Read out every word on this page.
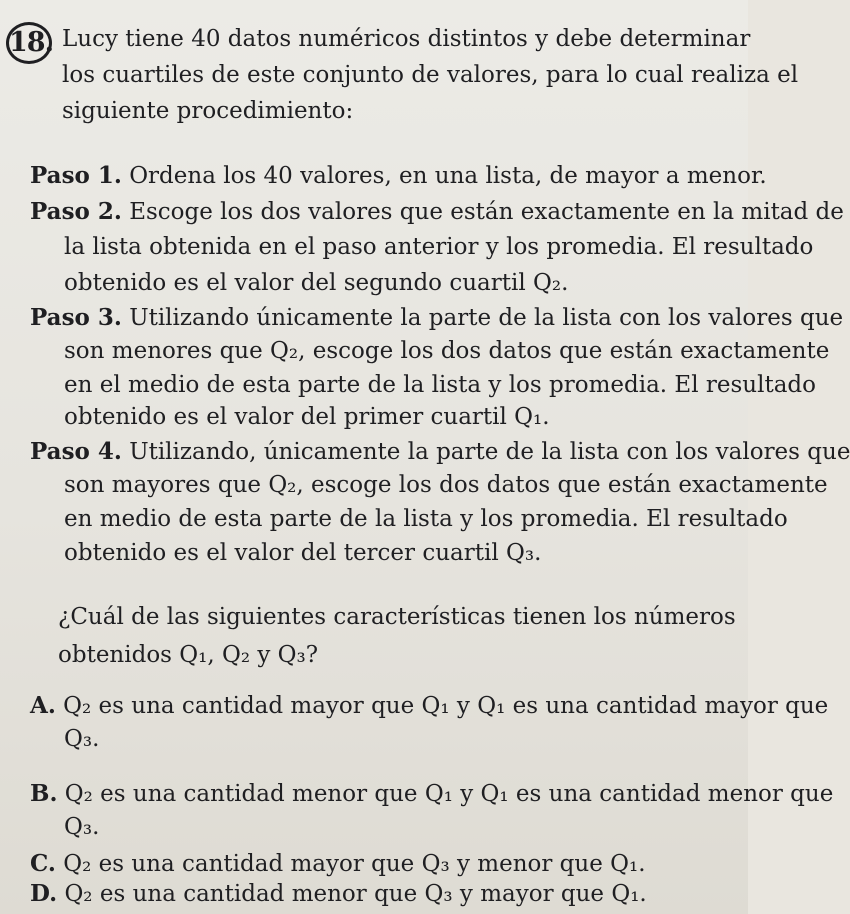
18. Lucy tiene 40 datos numéricos distintos y debe determinar
los cuartiles de este conjunto de valores, para lo cual realiza el
siguiente procedimiento:
Paso 1. Ordena los 40 valores, en una lista, de mayor a menor.
Paso 2. Escoge los dos valores que están exactamente en la mitad de
la lista obtenida en el paso anterior y los promedia. El resultado
obtenido es el valor del segundo cuartil Q₂.
Paso 3. Utilizando únicamente la parte de la lista con los valores que
son menores que Q₂, escoge los dos datos que están exactamente
en el medio de esta parte de la lista y los promedia. El resultado
obtenido es el valor del primer cuartil Q₁.
Paso 4. Utilizando, únicamente la parte de la lista con los valores que
son mayores que Q₂, escoge los dos datos que están exactamente
en medio de esta parte de la lista y los promedia. El resultado
obtenido es el valor del tercer cuartil Q₃.
¿Cuál de las siguientes características tienen los números
obtenidos Q₁, Q₂ y Q₃?
A. Q₂ es una cantidad mayor que Q₁ y Q₁ es una cantidad mayor que
Q₃.
B. Q₂ es una cantidad menor que Q₁ y Q₁ es una cantidad menor que
Q₃.
C. Q₂ es una cantidad mayor que Q₃ y menor que Q₁.
D. Q₂ es una cantidad menor que Q₃ y mayor que Q₁.
